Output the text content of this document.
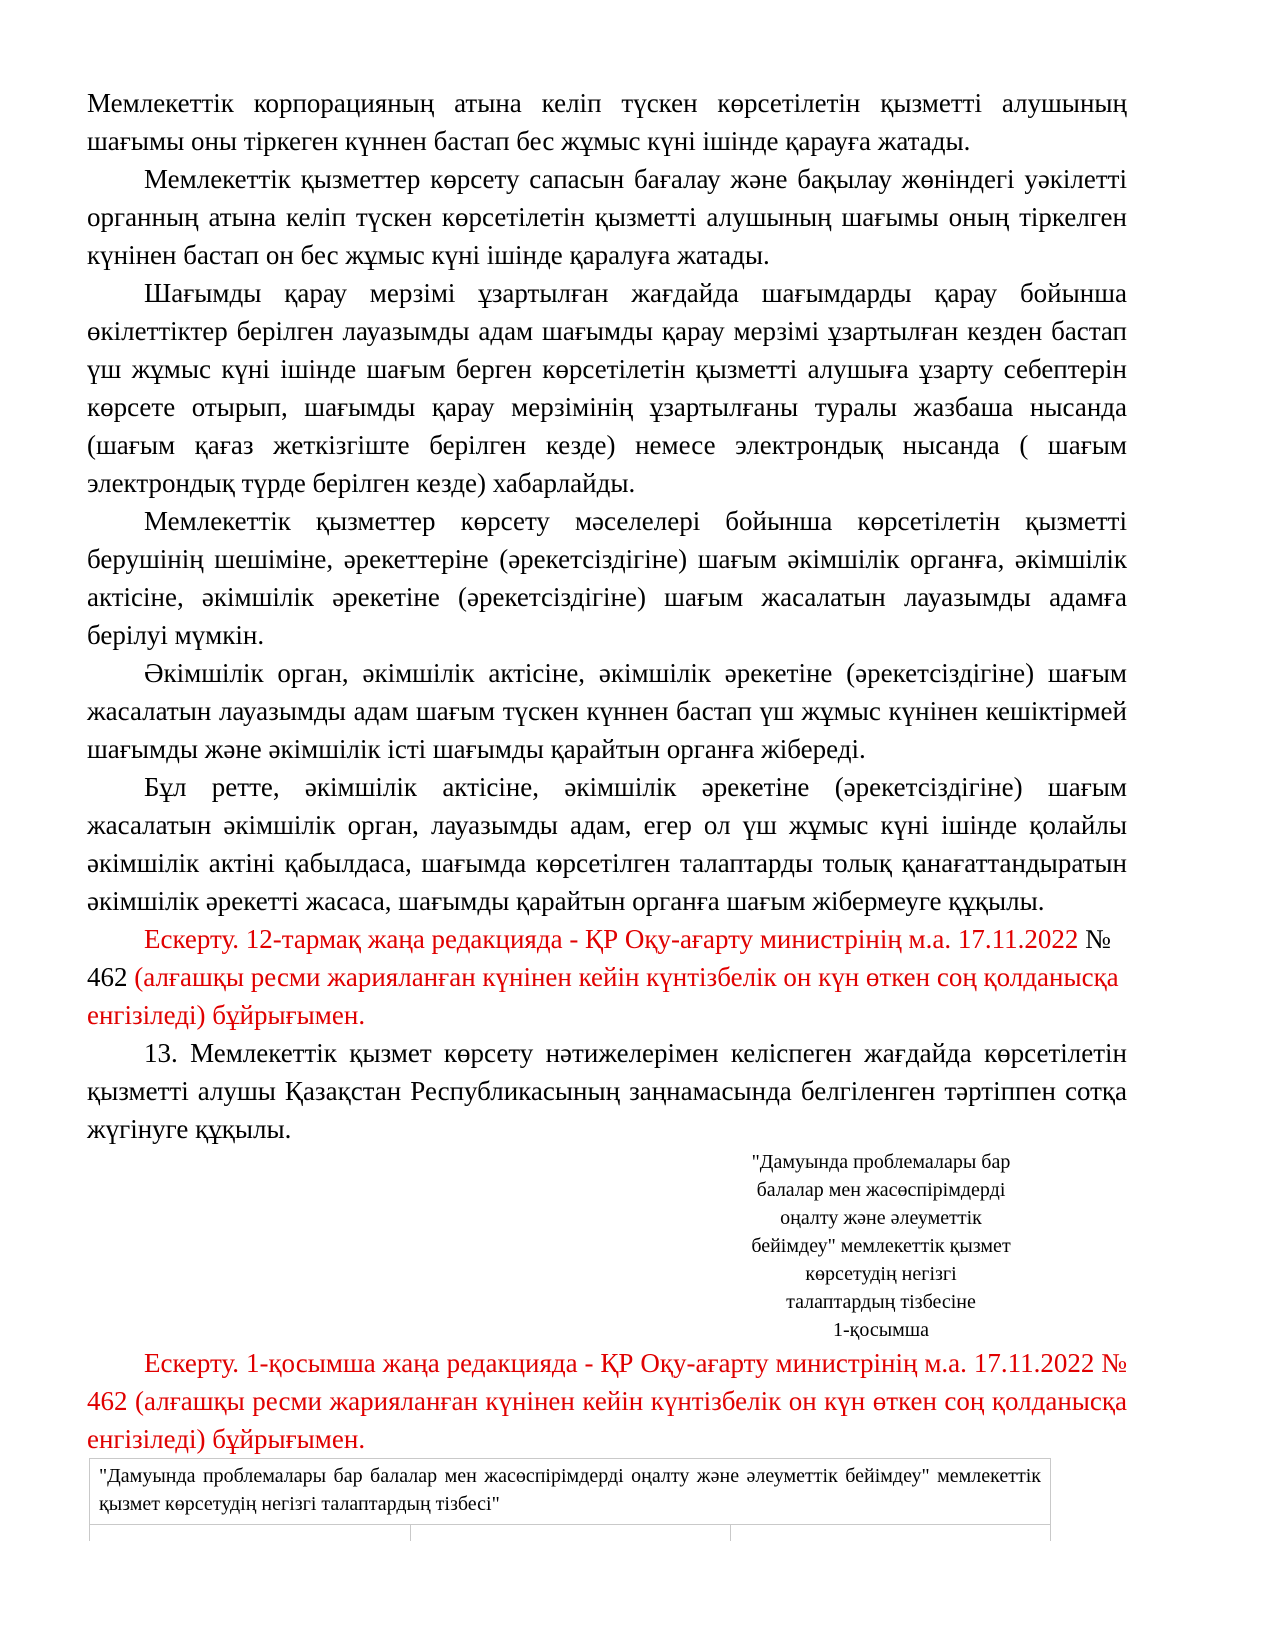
Мемлекеттік корпорацияның атына келіп түскен көрсетілетін қызметті алушының шағымы оны тіркеген күннен бастап бес жұмыс күні ішінде қарауға жатады.

Мемлекеттік қызметтер көрсету сапасын бағалау және бақылау жөніндегі уәкілетті органның атына келіп түскен көрсетілетін қызметті алушының шағымы оның тіркелген күнінен бастап он бес жұмыс күні ішінде қаралуға жатады.

Шағымды қарау мерзімі ұзартылған жағдайда шағымдарды қарау бойынша өкілеттіктер берілген лауазымды адам шағымды қарау мерзімі ұзартылған кезден бастап үш жұмыс күні ішінде шағым берген көрсетілетін қызметті алушыға ұзарту себептерін көрсете отырып, шағымды қарау мерзімінің ұзартылғаны туралы жазбаша нысанда (шағым қағаз жеткізгіште берілген кезде) немесе электрондық нысанда ( шағым электрондық түрде берілген кезде) хабарлайды.

Мемлекеттік қызметтер көрсету мәселелері бойынша көрсетілетін қызметті берушінің шешіміне, әрекеттеріне (әрекетсіздігіне) шағым әкімшілік органға, әкімшілік актісіне, әкімшілік әрекетіне (әрекетсіздігіне) шағым жасалатын лауазымды адамға берілуі мүмкін.

Әкімшілік орган, әкімшілік актісіне, әкімшілік әрекетіне (әрекетсіздігіне) шағым жасалатын лауазымды адам шағым түскен күннен бастап үш жұмыс күнінен кешіктірмей шағымды және әкімшілік істі шағымды қарайтын органға жібереді.

Бұл ретте, әкімшілік актісіне, әкімшілік әрекетіне (әрекетсіздігіне) шағым жасалатын әкімшілік орган, лауазымды адам, егер ол үш жұмыс күні ішінде қолайлы әкімшілік актіні қабылдаса, шағымда көрсетілген талаптарды толық қанағаттандыратын әкімшілік әрекетті жасаса, шағымды қарайтын органға шағым жібермеуге құқылы.

Ескерту. 12-тармақ жаңа редакцияда - ҚР Оқу-ағарту министрінің м.а. 17.11.2022 № 462 (алғашқы ресми жарияланған күнінен кейін күнтізбелік он күн өткен соң қолданысқа енгізіледі) бұйрығымен.

13. Мемлекеттік қызмет көрсету нәтижелерімен келіспеген жағдайда көрсетілетін қызметті алушы Қазақстан Республикасының заңнамасында белгіленген тәртіппен сотқа жүгінуге құқылы.

"Дамуында проблемалары бар
балалар мен жасөспірімдерді
оңалту және әлеуметтік
бейімдеу" мемлекеттік қызмет
көрсетудің негізгі
талаптардың тізбесіне
1-қосымша

Ескерту. 1-қосымша жаңа редакцияда - ҚР Оқу-ағарту министрінің м.а. 17.11.2022 № 462 (алғашқы ресми жарияланған күнінен кейін күнтізбелік он күн өткен соң қолданысқа енгізіледі) бұйрығымен.

"Дамуында проблемалары бар балалар мен жасөспірімдерді оңалту және әлеуметтік бейімдеу" мемлекеттік қызмет көрсетудің негізгі талаптардың тізбесі"
